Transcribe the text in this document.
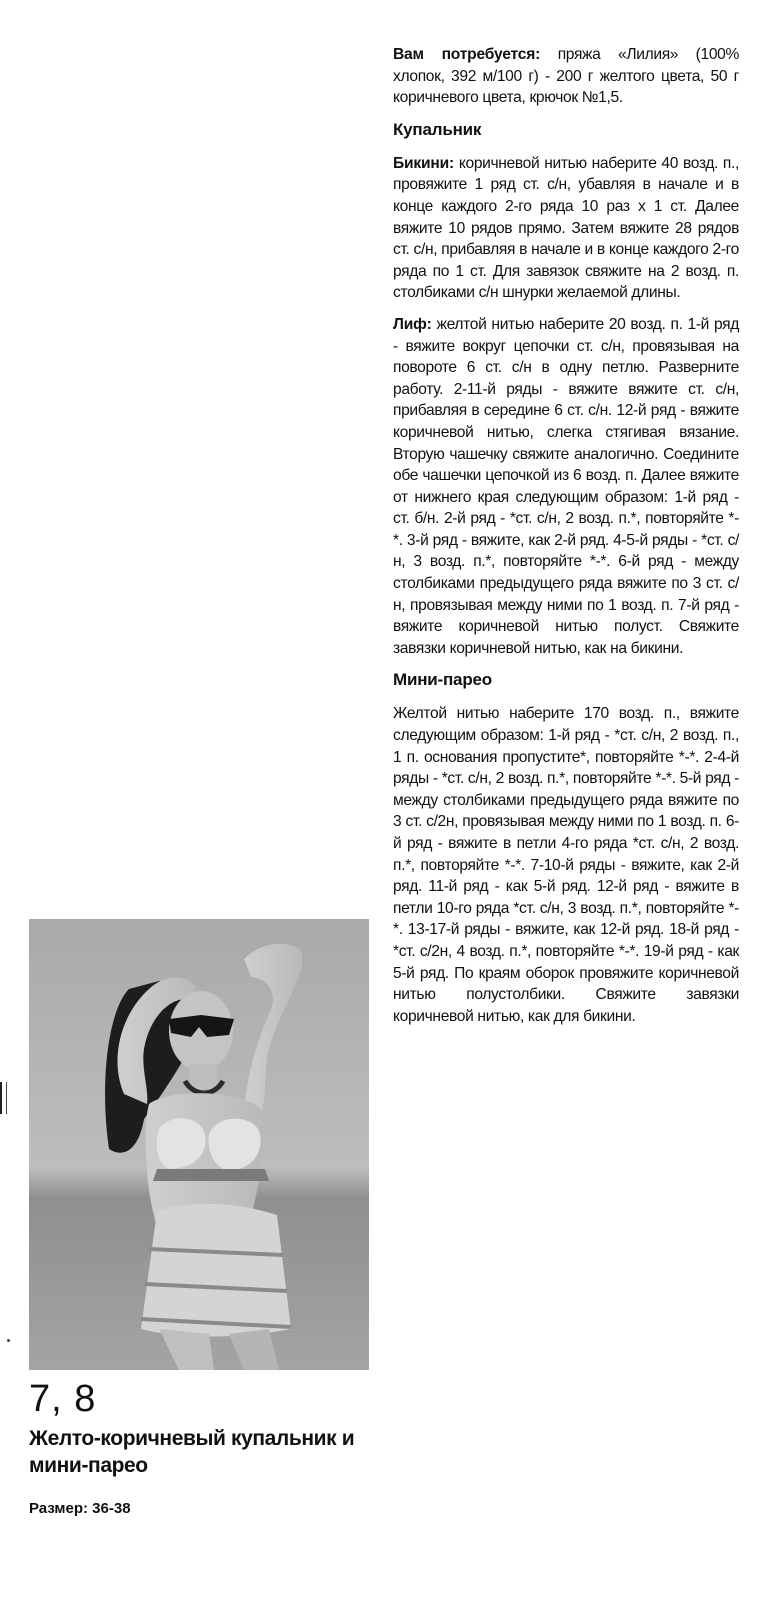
Вам потребуется: пряжа «Лилия» (100% хлопок, 392 м/100 г) - 200 г желтого цвета, 50 г коричневого цвета, крючок №1,5.

Купальник

Бикини: коричневой нитью наберите 40 возд. п., провяжите 1 ряд ст. с/н, убавляя в начале и в конце каждого 2-го ряда 10 раз х 1 ст. Далее вяжите 10 рядов прямо. Затем вяжите 28 рядов ст. с/н, прибавляя в начале и в конце каждого 2-го ряда по 1 ст. Для завязок свяжите на 2 возд. п. столбиками с/н шнурки желаемой длины.

Лиф: желтой нитью наберите 20 возд. п. 1-й ряд - вяжите вокруг цепочки ст. с/н, провязывая на повороте 6 ст. с/н в одну петлю. Разверните работу. 2-11-й ряды - вяжите вяжите ст. с/н, прибавляя в середине 6 ст. с/н. 12-й ряд - вяжите коричневой нитью, слегка стягивая вязание. Вторую чашечку свяжите аналогично. Соедините обе чашечки цепочкой из 6 возд. п. Далее вяжите от нижнего края следующим образом: 1-й ряд - ст. б/н. 2-й ряд - *ст. с/н, 2 возд. п.*, повторяйте *-*. 3-й ряд - вяжите, как 2-й ряд. 4-5-й ряды - *ст. с/н, 3 возд. п.*, повторяйте *-*. 6-й ряд - между столбиками предыдущего ряда вяжите по 3 ст. с/н, провязывая между ними по 1 возд. п. 7-й ряд - вяжите коричневой нитью полуст. Свяжите завязки коричневой нитью, как на бикини.

Мини-парео

Желтой нитью наберите 170 возд. п., вяжите следующим образом: 1-й ряд - *ст. с/н, 2 возд. п., 1 п. основания пропустите*, повторяйте *-*. 2-4-й ряды - *ст. с/н, 2 возд. п.*, повторяйте *-*. 5-й ряд - между столбиками предыдущего ряда вяжите по 3 ст. с/2н, провязывая между ними по 1 возд. п. 6-й ряд - вяжите в петли 4-го ряда *ст. с/н, 2 возд. п.*, повторяйте *-*. 7-10-й ряды - вяжите, как 2-й ряд. 11-й ряд - как 5-й ряд. 12-й ряд - вяжите в петли 10-го ряда *ст. с/н, 3 возд. п.*, повторяйте *-*. 13-17-й ряды - вяжите, как 12-й ряд. 18-й ряд - *ст. с/2н, 4 возд. п.*, повторяйте *-*. 19-й ряд - как 5-й ряд. По краям оборок провяжите коричневой нитью полустолбики. Свяжите завязки коричневой нитью, как для бикини.

7, 8
Желто-коричневый купальник и мини-парео
Размер: 36-38
